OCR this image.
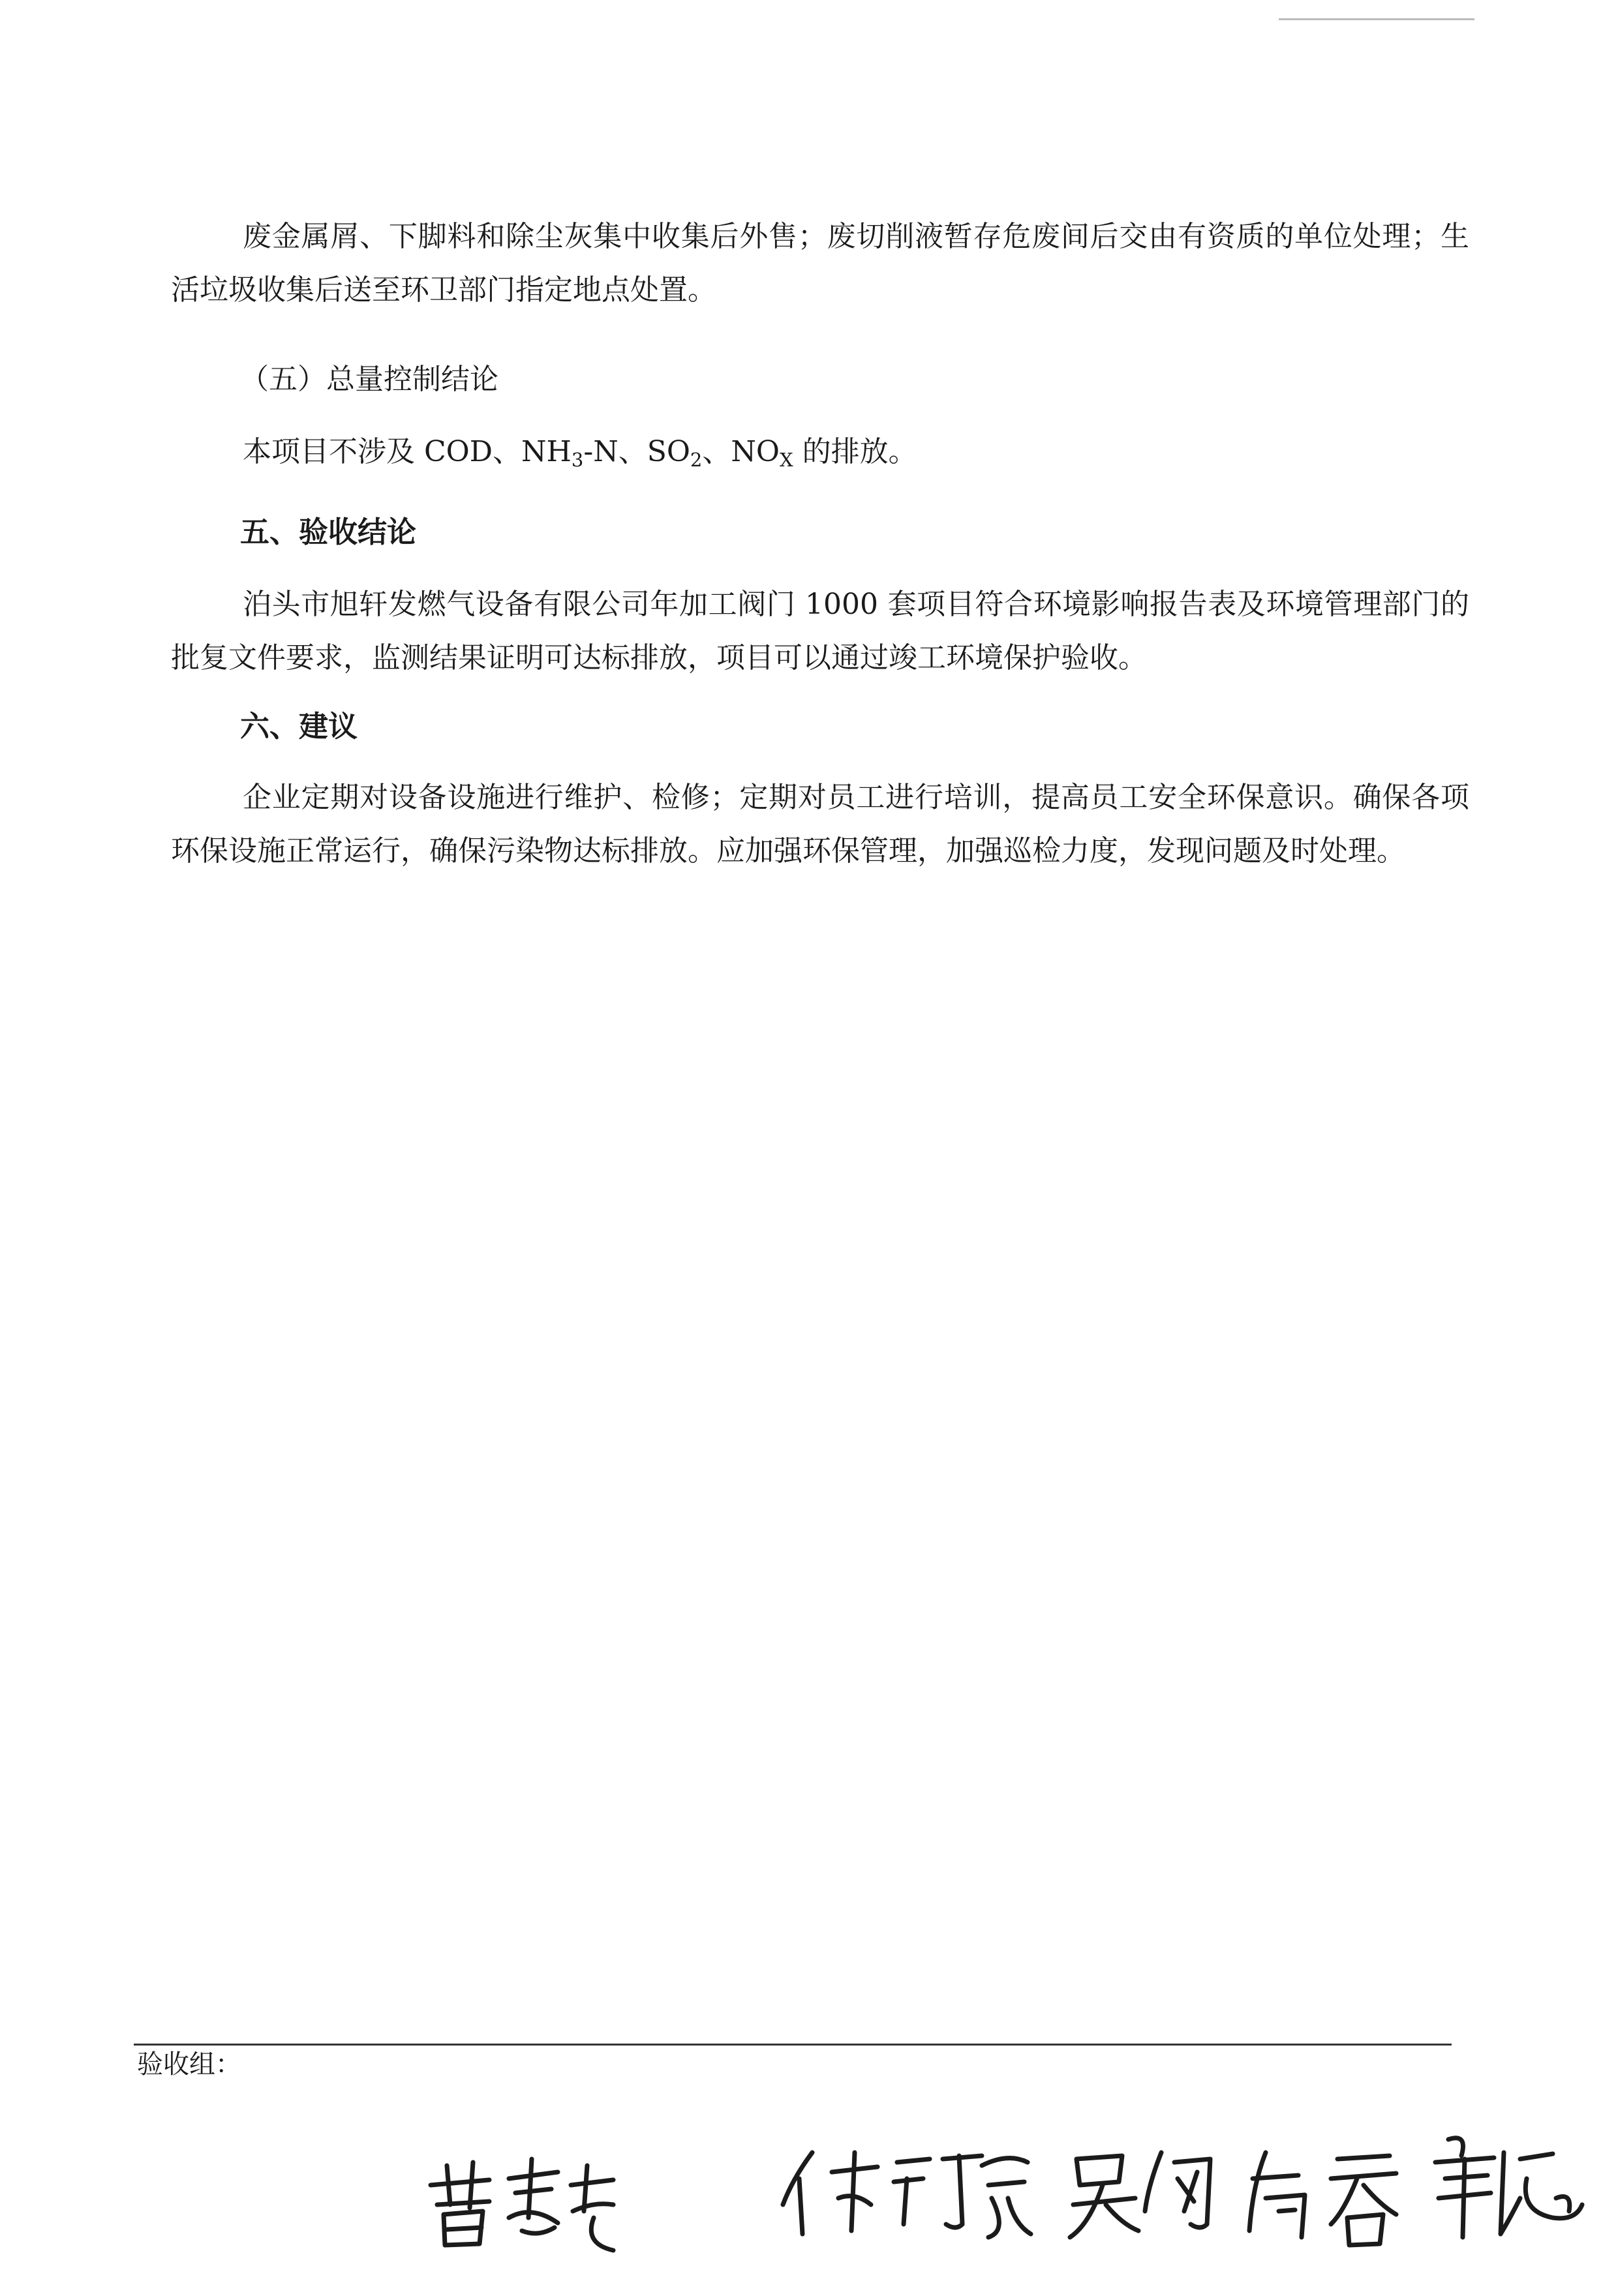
废金属屑、下脚料和除尘灰集中收集后外售；废切削液暂存危废间后交由有资质的单位处理；生活垃圾收集后送至环卫部门指定地点处置。

（五）总量控制结论

本项目不涉及 COD、$NH_3-N$、$SO_2$、$NO_X$ 的排放。

五、验收结论

泊头市旭轩发燃气设备有限公司年加工阀门 1000 套项目符合环境影响报告表及环境管理部门的批复文件要求，监测结果证明可达标排放，项目可以通过竣工环境保护验收。

六、建议

企业定期对设备设施进行维护、检修；定期对员工进行培训，提高员工安全环保意识。确保各项环保设施正常运行，确保污染物达标排放。应加强环保管理，加强巡检力度，发现问题及时处理。

验收组：
